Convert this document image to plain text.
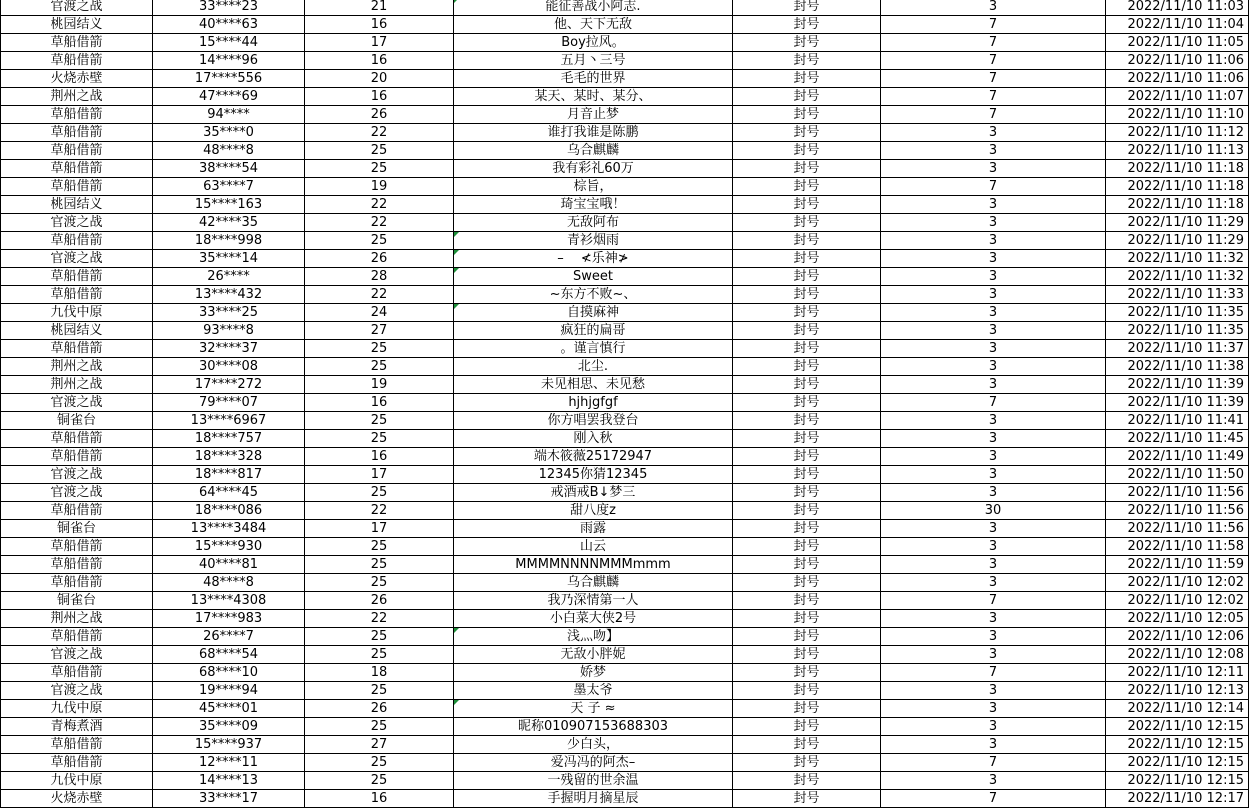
官渡之战	33****23	21	能征善战小阿志.	封号	3	2022/11/10 11:03
桃园结义	40****63	16	他、天下无敌	封号	7	2022/11/10 11:04
草船借箭	15****44	17	Boy拉风。	封号	7	2022/11/10 11:05
草船借箭	14****96	16	五月丶三号	封号	7	2022/11/10 11:06
火烧赤壁	17****556	20	毛毛的世界	封号	7	2022/11/10 11:06
荆州之战	47****69	16	某天、某时、某分、	封号	7	2022/11/10 11:07
草船借箭	94****	26	月音止梦	封号	7	2022/11/10 11:10
草船借箭	35****0	22	谁打我谁是陈鹏	封号	3	2022/11/10 11:12
草船借箭	48****8	25	乌合麒麟	封号	3	2022/11/10 11:13
草船借箭	38****54	25	我有彩礼60万	封号	3	2022/11/10 11:18
草船借箭	63****7	19	棕旨，	封号	7	2022/11/10 11:18
桃园结义	15****163	22	琦宝宝哦！	封号	3	2022/11/10 11:18
官渡之战	42****35	22	无敌阿布	封号	3	2022/11/10 11:29
草船借箭	18****998	25	青衫烟雨	封号	3	2022/11/10 11:29
官渡之战	35****14	26	–　 ≮乐神≯	封号	3	2022/11/10 11:32
草船借箭	26****	28	Sweet	封号	3	2022/11/10 11:32
草船借箭	13****432	22	~东方不败~、	封号	3	2022/11/10 11:33
九伐中原	33****25	24	自摸麻神	封号	3	2022/11/10 11:35
桃园结义	93****8	27	疯狂的扁哥	封号	3	2022/11/10 11:35
草船借箭	32****37	25	。谨言慎行	封号	3	2022/11/10 11:37
荆州之战	30****08	25	北尘.	封号	3	2022/11/10 11:38
荆州之战	17****272	19	未见相思、未见愁	封号	3	2022/11/10 11:39
官渡之战	79****07	16	hjhjgfgf	封号	7	2022/11/10 11:39
铜雀台	13****6967	25	你方唱罢我登台	封号	3	2022/11/10 11:41
草船借箭	18****757	25	刚入秋	封号	3	2022/11/10 11:45
草船借箭	18****328	16	端木筱薇25172947	封号	3	2022/11/10 11:49
官渡之战	18****817	17	12345你猜12345	封号	3	2022/11/10 11:50
官渡之战	64****45	25	戒酒戒B↓梦三	封号	3	2022/11/10 11:56
草船借箭	18****086	22	甜八度z	封号	30	2022/11/10 11:56
铜雀台	13****3484	17	雨露	封号	3	2022/11/10 11:56
草船借箭	15****930	25	山云	封号	3	2022/11/10 11:58
草船借箭	40****81	25	MMMMNNNNMMMmmm	封号	3	2022/11/10 11:59
草船借箭	48****8	25	乌合麒麟	封号	3	2022/11/10 12:02
铜雀台	13****4308	26	我乃深情第一人	封号	7	2022/11/10 12:02
荆州之战	17****983	22	小白菜大侠2号	封号	3	2022/11/10 12:05
草船借箭	26****7	25	浅灬吻】	封号	3	2022/11/10 12:06
官渡之战	68****54	25	无敌小胖妮	封号	3	2022/11/10 12:08
草船借箭	68****10	18	娇梦	封号	7	2022/11/10 12:11
官渡之战	19****94	25	墨太爷	封号	3	2022/11/10 12:13
九伐中原	45****01	26	天 子 ≈	封号	3	2022/11/10 12:14
青梅煮酒	35****09	25	昵称010907153688303	封号	3	2022/11/10 12:15
草船借箭	15****937	27	少白头，	封号	3	2022/11/10 12:15
草船借箭	12****11	25	爱冯冯的阿杰–	封号	7	2022/11/10 12:15
九伐中原	14****13	25	一残留的世余温	封号	3	2022/11/10 12:15
火烧赤壁	33****17	16	手握明月摘星辰	封号	7	2022/11/10 12:17
